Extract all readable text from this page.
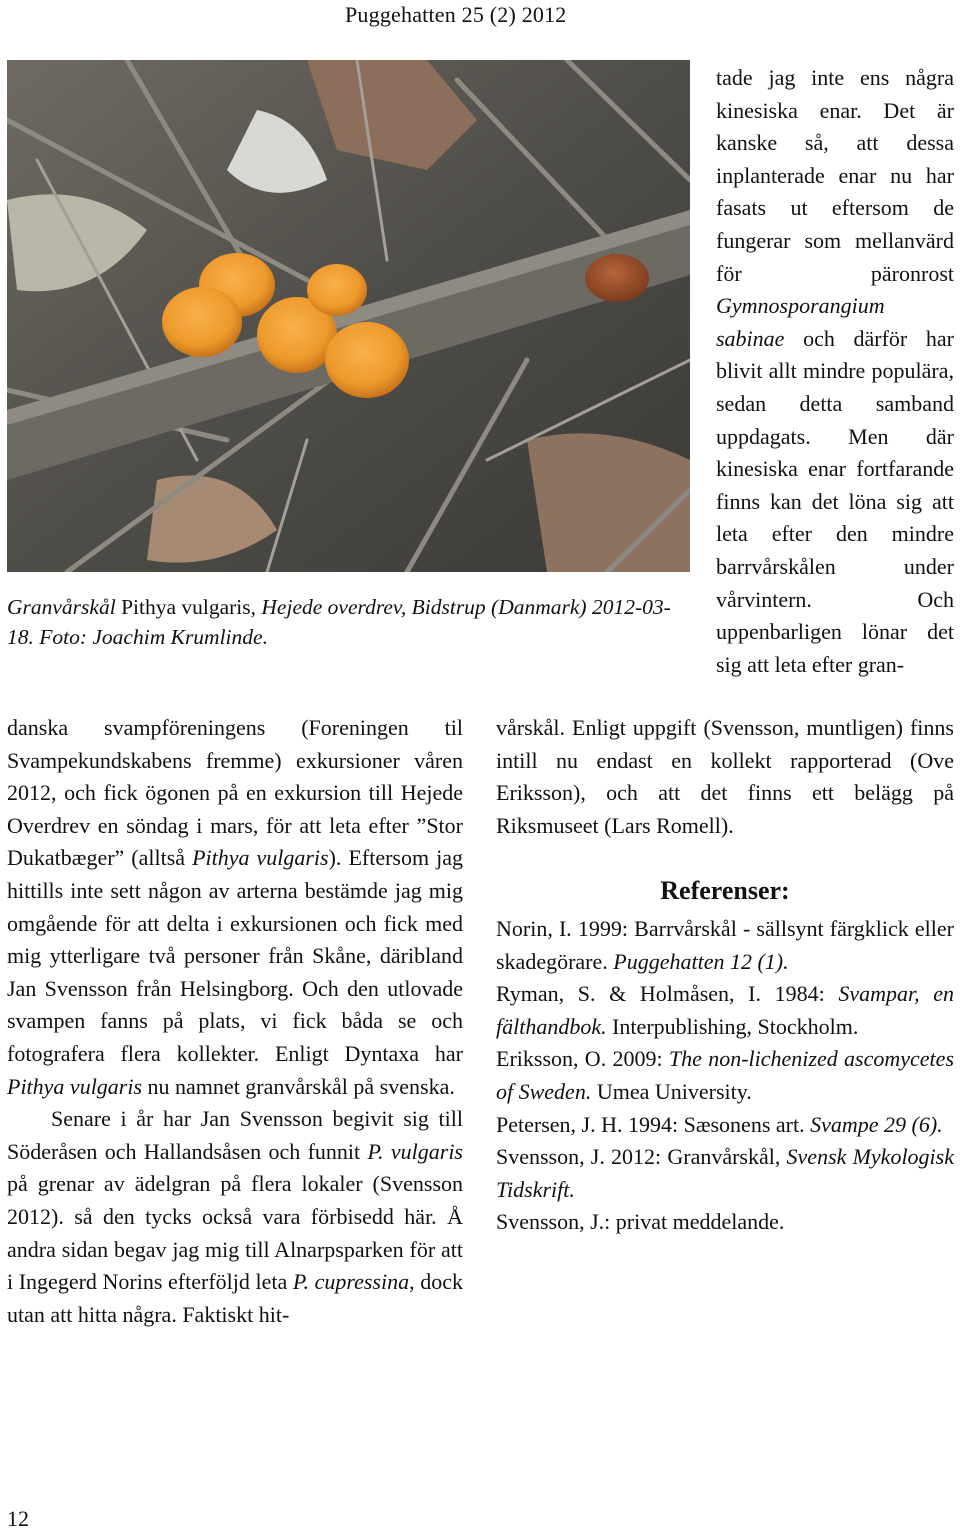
Puggehatten 25 (2) 2012
Granvårskål Pithya vulgaris, Hejede overdrev, Bidstrup (Danmark) 2012-03-18. Foto: Joachim Krumlinde.

tade jag inte ens några kinesiska enar. Det är kanske så, att dessa inplanterade enar nu har fasats ut eftersom de fungerar som mellanvärd för päronrost Gymnosporangium sabinae och därför har blivit allt mindre populära, sedan detta samband uppdagats. Men där kinesiska enar fortfarande finns kan det löna sig att leta efter den mindre barrvårskålen under vårvintern. Och uppenbarligen lönar det sig att leta efter gran-

danska svampföreningens (Foreningen til Svampekundskabens fremme) exkursioner våren 2012, och fick ögonen på en exkursion till Hejede Overdrev en söndag i mars, för att leta efter ”Stor Dukatbæger” (alltså Pithya vulgaris). Eftersom jag hittills inte sett någon av arterna bestämde jag mig omgående för att delta i exkursionen och fick med mig ytterligare två personer från Skåne, däribland Jan Svensson från Helsingborg. Och den utlovade svampen fanns på plats, vi fick båda se och fotografera flera kollekter. Enligt Dyntaxa har Pithya vulgaris nu namnet granvårskål på svenska.

Senare i år har Jan Svensson begivit sig till Söderåsen och Hallandsåsen och funnit P. vulgaris på grenar av ädelgran på flera lokaler (Svensson 2012). så den tycks också vara förbisedd här. Å andra sidan begav jag mig till Alnarpsparken för att i Ingegerd Norins efterföljd leta P. cupressina, dock utan att hitta några. Faktiskt hit-

vårskål. Enligt uppgift (Svensson, muntligen) finns intill nu endast en kollekt rapporterad (Ove Eriksson), och att det finns ett belägg på Riksmuseet (Lars Romell).

Referenser:

Norin, I. 1999: Barrvårskål - sällsynt färgklick eller skadegörare. Puggehatten 12 (1).

Ryman, S. & Holmåsen, I. 1984: Svampar, en fälthandbok. Interpublishing, Stockholm.

Eriksson, O. 2009: The non-lichenized ascomycetes of Sweden. Umea University.

Petersen, J. H. 1994: Sæsonens art. Svampe 29 (6).

Svensson, J. 2012: Granvårskål, Svensk Mykologisk Tidskrift.

Svensson, J.: privat meddelande.

12
